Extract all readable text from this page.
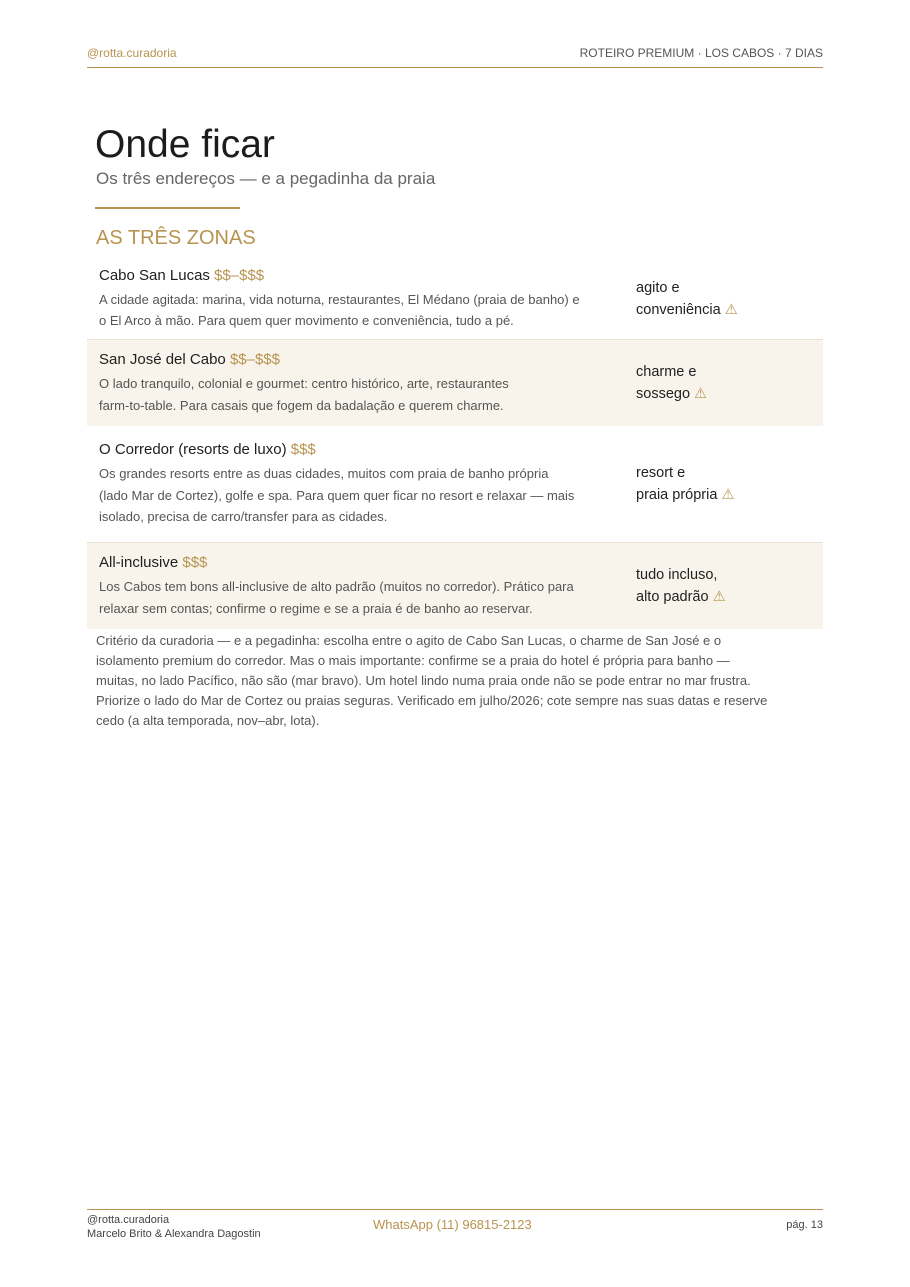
@rotta.curadoria	ROTEIRO PREMIUM · LOS CABOS · 7 DIAS
Onde ficar
Os três endereços — e a pegadinha da praia
AS TRÊS ZONAS
Cabo San Lucas $$–$$$
A cidade agitada: marina, vida noturna, restaurantes, El Médano (praia de banho) e
o El Arco à mão. Para quem quer movimento e conveniência, tudo a pé.
agito e
conveniência ⚠
San José del Cabo $$–$$$
O lado tranquilo, colonial e gourmet: centro histórico, arte, restaurantes
farm-to-table. Para casais que fogem da badalação e querem charme.
charme e
sossego ⚠
O Corredor (resorts de luxo) $$$
Os grandes resorts entre as duas cidades, muitos com praia de banho própria
(lado Mar de Cortez), golfe e spa. Para quem quer ficar no resort e relaxar — mais
isolado, precisa de carro/transfer para as cidades.
resort e
praia própria ⚠
All-inclusive $$$
Los Cabos tem bons all-inclusive de alto padrão (muitos no corredor). Prático para
relaxar sem contas; confirme o regime e se a praia é de banho ao reservar.
tudo incluso,
alto padrão ⚠
Critério da curadoria — e a pegadinha: escolha entre o agito de Cabo San Lucas, o charme de San José e o
isolamento premium do corredor. Mas o mais importante: confirme se a praia do hotel é própria para banho —
muitas, no lado Pacífico, não são (mar bravo). Um hotel lindo numa praia onde não se pode entrar no mar frustra.
Priorize o lado do Mar de Cortez ou praias seguras. Verificado em julho/2026; cote sempre nas suas datas e reserve
cedo (a alta temporada, nov–abr, lota).
@rotta.curadoria
Marcelo Brito & Alexandra Dagostin
WhatsApp (11) 96815-2123	pág. 13
